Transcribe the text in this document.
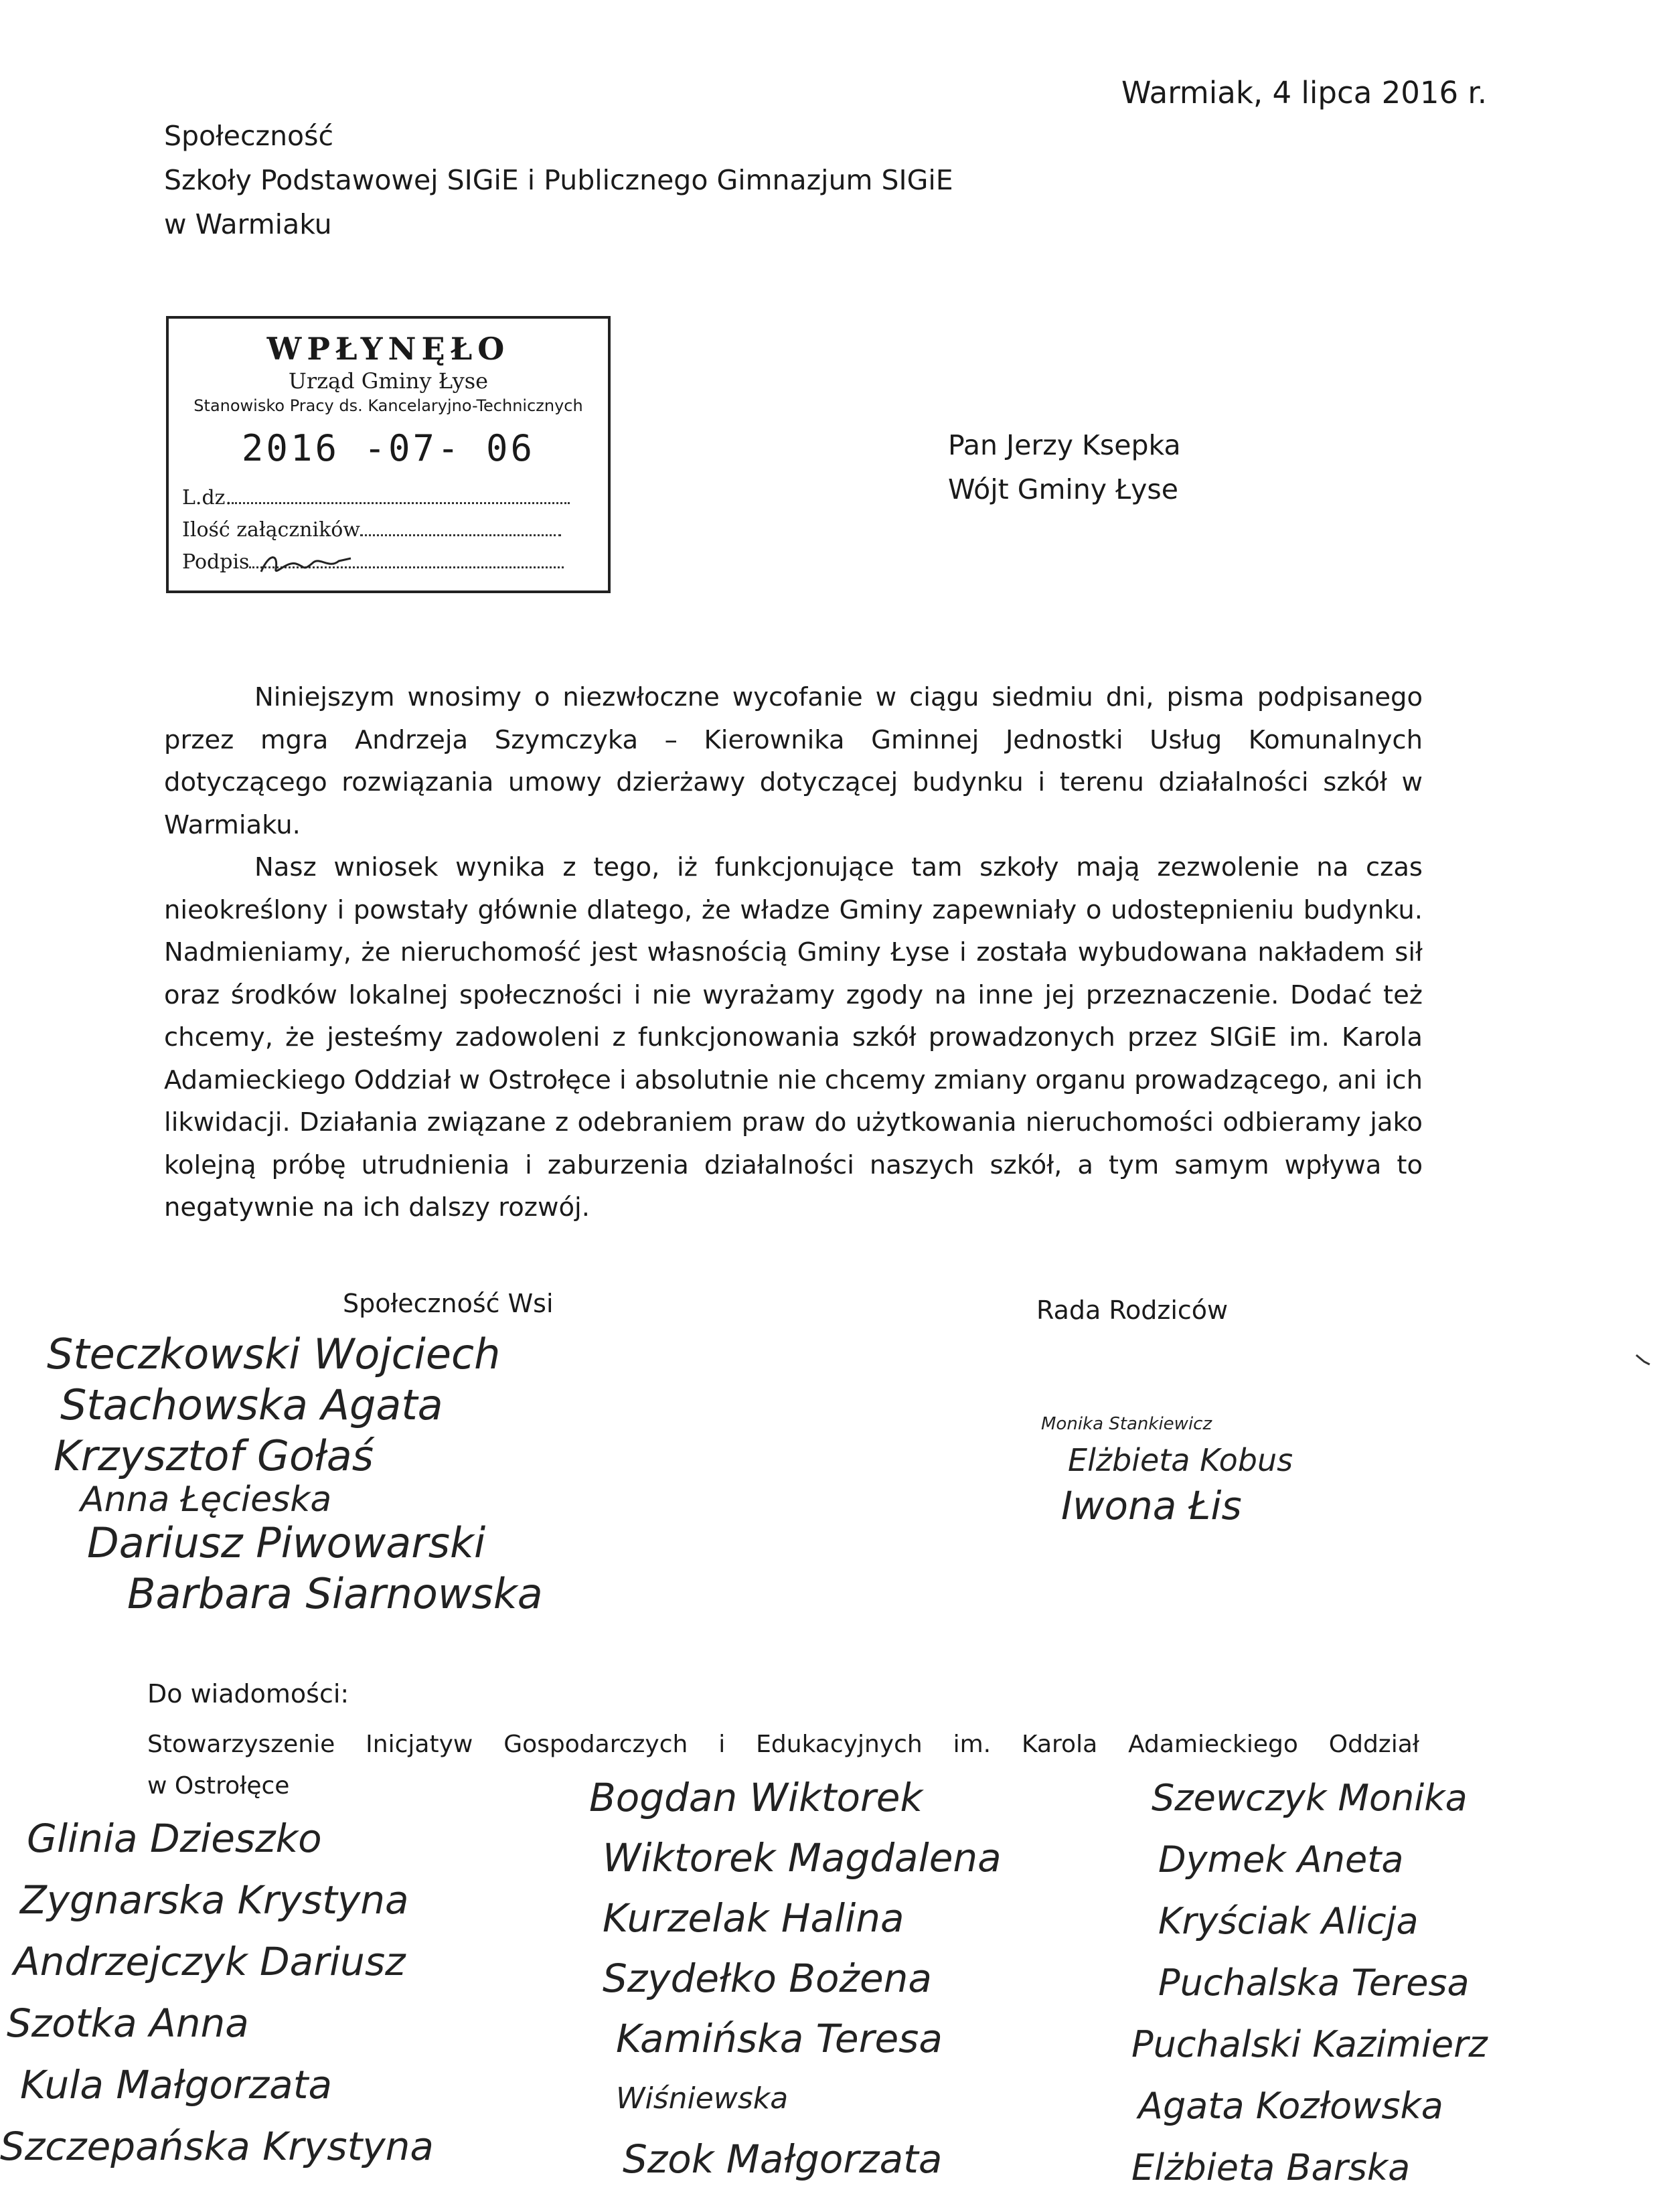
Warmiak, 4 lipca 2016 r.
Społeczność
Szkoły Podstawowej SIGiE i Publicznego Gimnazjum SIGiE
w Warmiaku
WPŁYNĘŁO
Urząd Gminy Łyse
Stanowisko Pracy ds. Kancelaryjno-Technicznych
2016 -07- 06
L.dz.
Ilość załączników
Podpis
Pan Jerzy Ksepka
Wójt Gminy Łyse

Niniejszym wnosimy o niezwłoczne wycofanie w ciągu siedmiu dni, pisma podpisanego przez mgra Andrzeja Szymczyka – Kierownika Gminnej Jednostki Usług Komunalnych dotyczącego rozwiązania umowy dzierżawy dotyczącej budynku i terenu działalności szkół w Warmiaku.

Nasz wniosek wynika z tego, iż funkcjonujące tam szkoły mają zezwolenie na czas nieokreślony i powstały głównie dlatego, że władze Gminy zapewniały o udostepnieniu budynku. Nadmieniamy, że nieruchomość jest własnością Gminy Łyse i została wybudowana nakładem sił oraz środków lokalnej społeczności i nie wyrażamy zgody na inne jej przeznaczenie. Dodać też chcemy, że jesteśmy zadowoleni z funkcjonowania szkół prowadzonych przez SIGiE im. Karola Adamieckiego Oddział w Ostrołęce i absolutnie nie chcemy zmiany organu prowadzącego, ani ich likwidacji. Działania związane z odebraniem praw do użytkowania nieruchomości odbieramy jako kolejną próbę utrudnienia i zaburzenia działalności naszych szkół, a tym samym wpływa to negatywnie na ich dalszy rozwój.

Społeczność Wsi	Rada Rodziców
Steczkowski Wojciech
Stachowska Agata
Krzysztof Gołaś
Anna Łęcieska
Dariusz Piwowarski
Barbara Siarnowska
Monika Stankiewicz
Elżbieta Kobus
Iwona Łis
Do wiadomości:
Stowarzyszenie Inicjatyw Gospodarczych i Edukacyjnych im. Karola Adamieckiego Oddział
w Ostrołęce
Glinia Dzieszko
Zygnarska Krystyna
Andrzejczyk Dariusz
Szotka Anna
Kula Małgorzata
Szczepańska Krystyna
Bogdan Wiktorek
Wiktorek Magdalena
Kurzelak Halina
Szydełko Bożena
Kamińska Teresa
Wiśniewska
Szok Małgorzata
Szewczyk Monika
Dymek Aneta
Kryściak Alicja
Puchalska Teresa
Puchalski Kazimierz
Agata Kozłowska
Elżbieta Barska
